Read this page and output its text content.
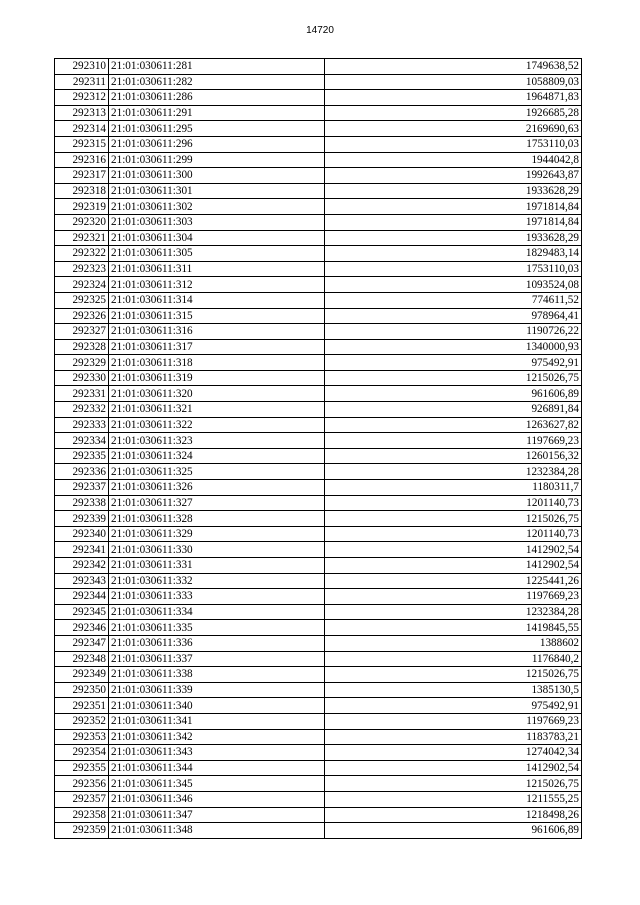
14720
292310	21:01:030611:281	1749638,52
292311	21:01:030611:282	1058809,03
292312	21:01:030611:286	1964871,83
292313	21:01:030611:291	1926685,28
292314	21:01:030611:295	2169690,63
292315	21:01:030611:296	1753110,03
292316	21:01:030611:299	1944042,8
292317	21:01:030611:300	1992643,87
292318	21:01:030611:301	1933628,29
292319	21:01:030611:302	1971814,84
292320	21:01:030611:303	1971814,84
292321	21:01:030611:304	1933628,29
292322	21:01:030611:305	1829483,14
292323	21:01:030611:311	1753110,03
292324	21:01:030611:312	1093524,08
292325	21:01:030611:314	774611,52
292326	21:01:030611:315	978964,41
292327	21:01:030611:316	1190726,22
292328	21:01:030611:317	1340000,93
292329	21:01:030611:318	975492,91
292330	21:01:030611:319	1215026,75
292331	21:01:030611:320	961606,89
292332	21:01:030611:321	926891,84
292333	21:01:030611:322	1263627,82
292334	21:01:030611:323	1197669,23
292335	21:01:030611:324	1260156,32
292336	21:01:030611:325	1232384,28
292337	21:01:030611:326	1180311,7
292338	21:01:030611:327	1201140,73
292339	21:01:030611:328	1215026,75
292340	21:01:030611:329	1201140,73
292341	21:01:030611:330	1412902,54
292342	21:01:030611:331	1412902,54
292343	21:01:030611:332	1225441,26
292344	21:01:030611:333	1197669,23
292345	21:01:030611:334	1232384,28
292346	21:01:030611:335	1419845,55
292347	21:01:030611:336	1388602
292348	21:01:030611:337	1176840,2
292349	21:01:030611:338	1215026,75
292350	21:01:030611:339	1385130,5
292351	21:01:030611:340	975492,91
292352	21:01:030611:341	1197669,23
292353	21:01:030611:342	1183783,21
292354	21:01:030611:343	1274042,34
292355	21:01:030611:344	1412902,54
292356	21:01:030611:345	1215026,75
292357	21:01:030611:346	1211555,25
292358	21:01:030611:347	1218498,26
292359	21:01:030611:348	961606,89
